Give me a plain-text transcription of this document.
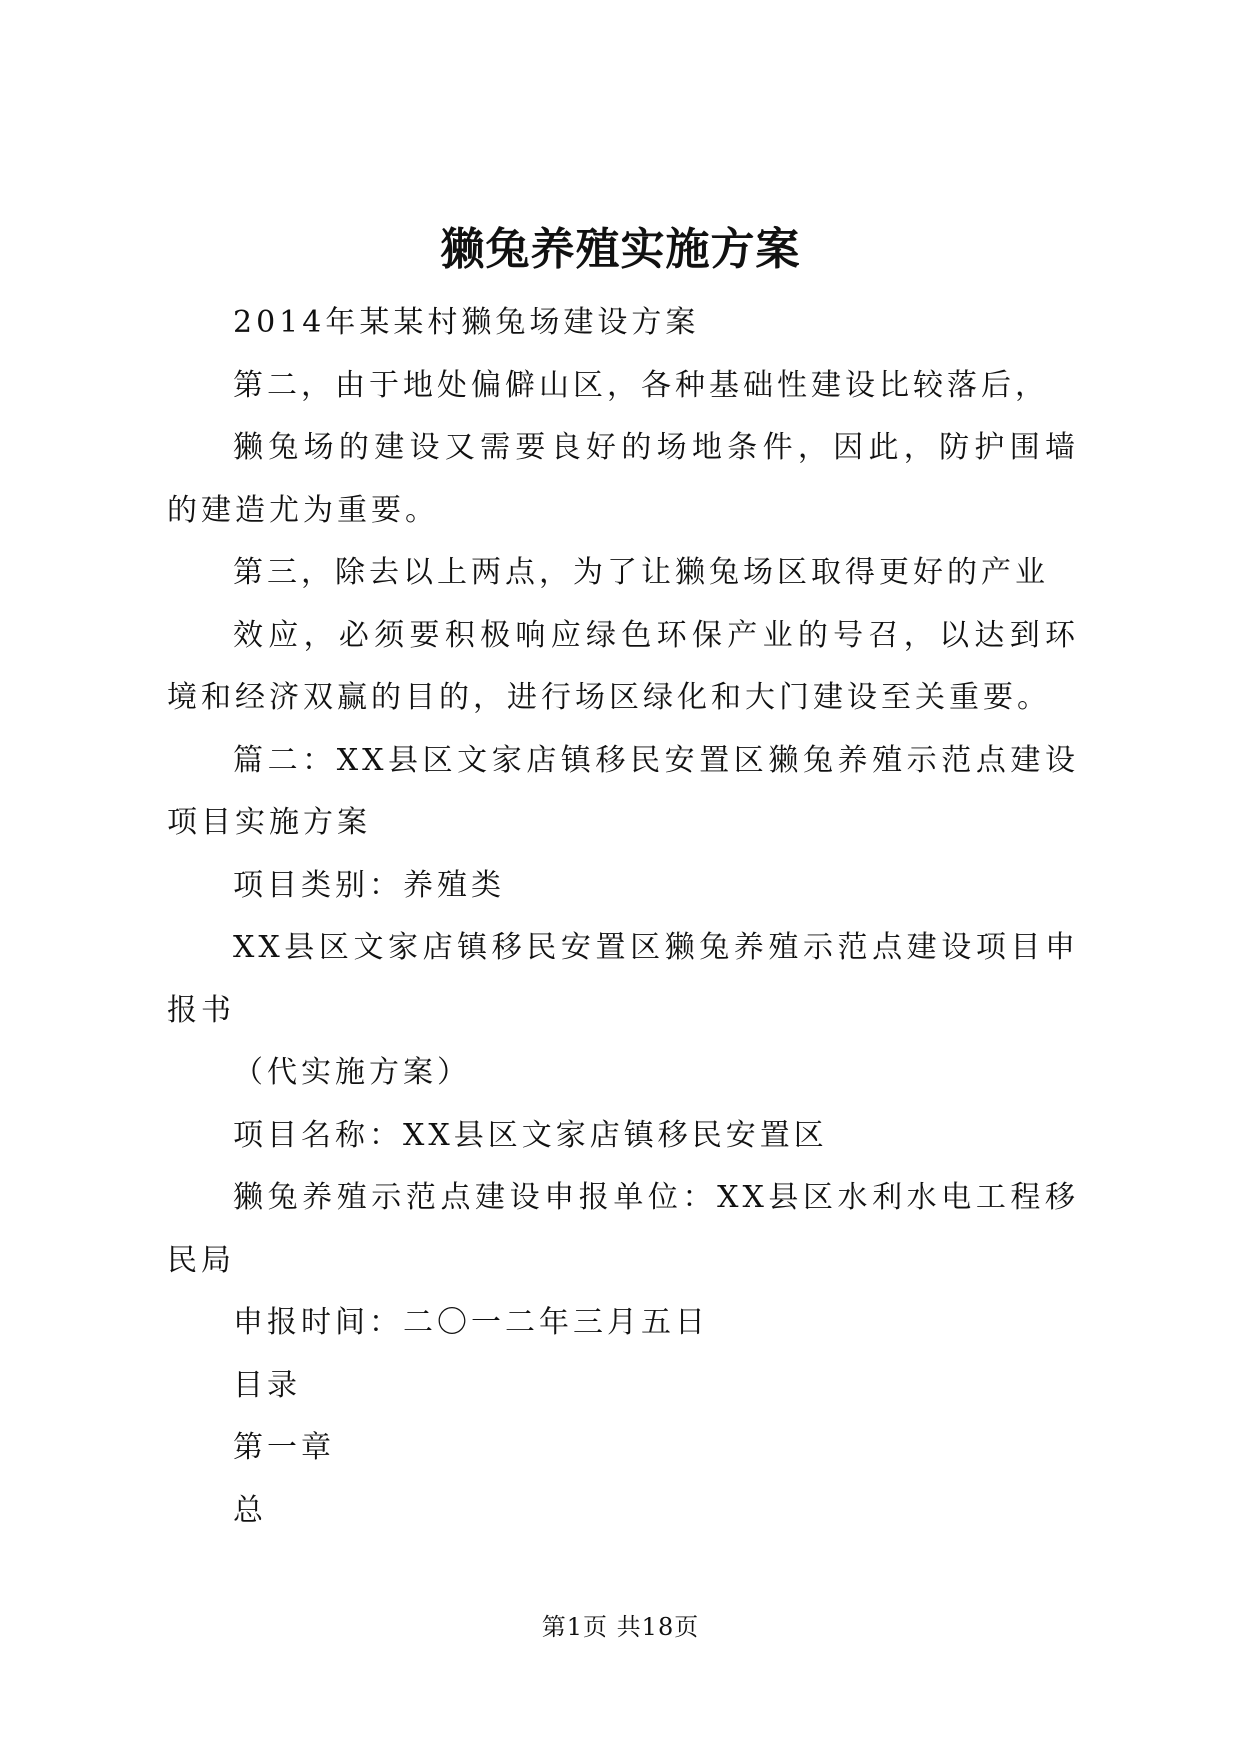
獭兔养殖实施方案

2014年某某村獭兔场建设方案

第二，由于地处偏僻山区，各种基础性建设比较落后，

獭兔场的建设又需要良好的场地条件，因此，防护围墙的建造尤为重要。

第三，除去以上两点，为了让獭兔场区取得更好的产业

效应，必须要积极响应绿色环保产业的号召，以达到环境和经济双赢的目的，进行场区绿化和大门建设至关重要。

篇二：XX县区文家店镇移民安置区獭兔养殖示范点建设项目实施方案

项目类别：养殖类

XX县区文家店镇移民安置区獭兔养殖示范点建设项目申报书

（代实施方案）

项目名称：XX县区文家店镇移民安置区

獭兔养殖示范点建设申报单位：XX县区水利水电工程移民局

申报时间：二〇一二年三月五日

目录

第一章

总

第1页 共18页
